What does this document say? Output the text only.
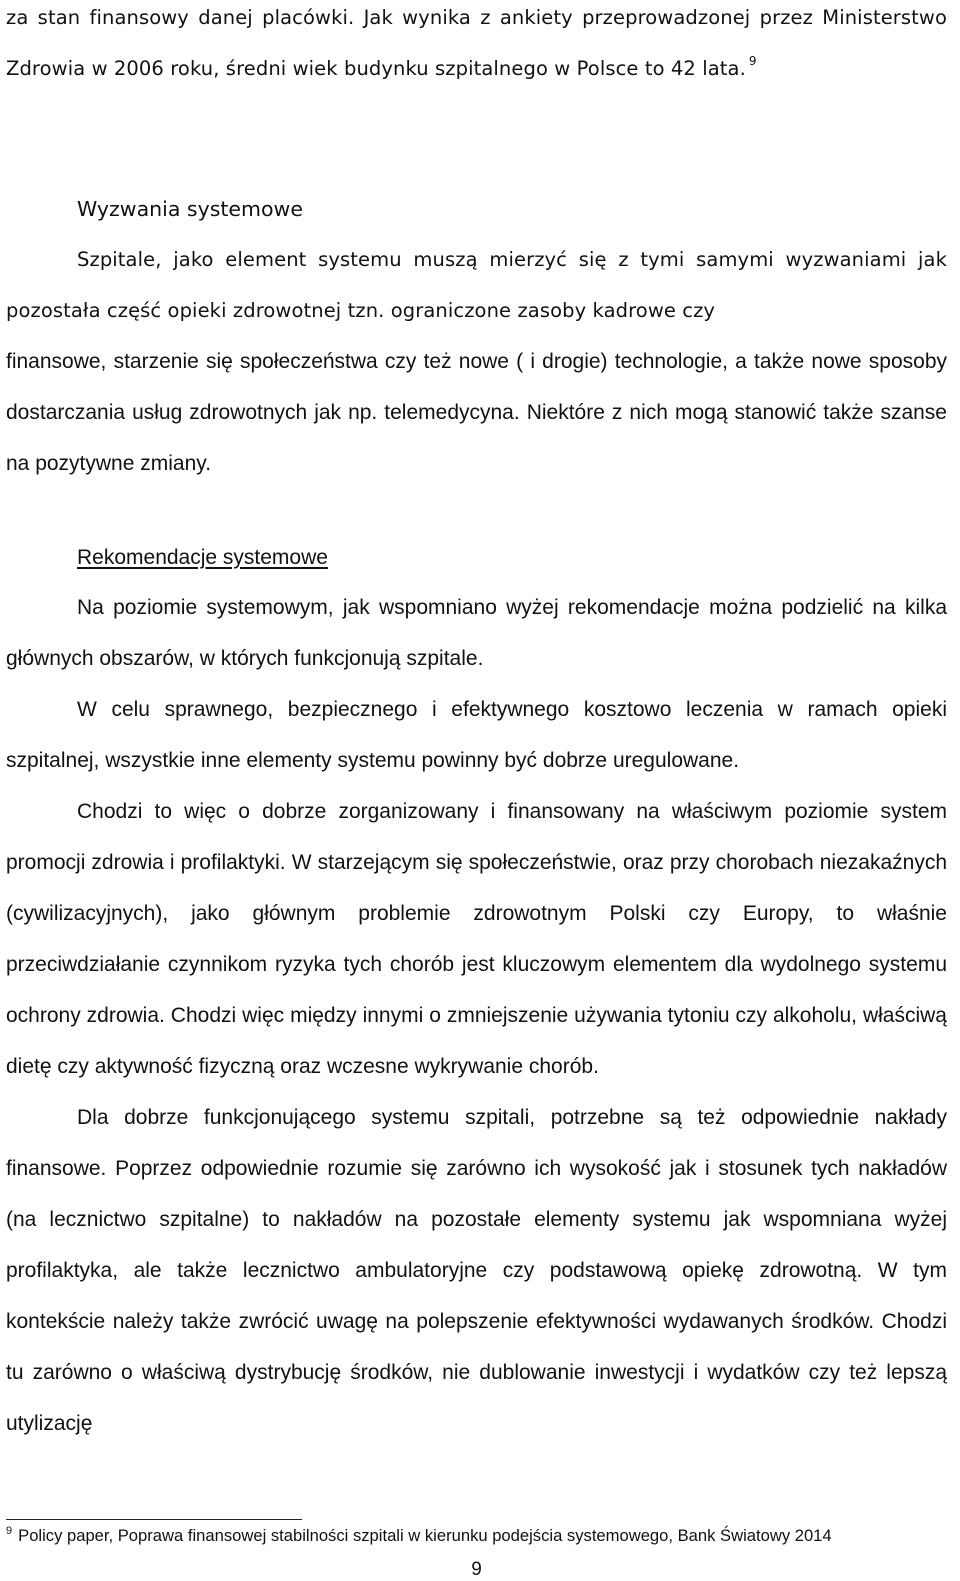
za stan finansowy danej placówki. Jak wynika z ankiety przeprowadzonej przez Ministerstwo Zdrowia w 2006 roku, średni wiek budynku szpitalnego w Polsce to 42 lata. $^9$

Wyzwania systemowe

Szpitale, jako element systemu muszą mierzyć się z tymi samymi wyzwaniami jak pozostała część opieki zdrowotnej tzn. ograniczone zasoby kadrowe czy

finansowe, starzenie się społeczeństwa czy też nowe ( i drogie) technologie, a także nowe sposoby dostarczania usług zdrowotnych jak np. telemedycyna. Niektóre z nich mogą stanowić także szanse na pozytywne zmiany.

Rekomendacje systemowe

Na poziomie systemowym, jak wspomniano wyżej rekomendacje można podzielić na kilka głównych obszarów, w których funkcjonują szpitale.

W celu sprawnego, bezpiecznego i efektywnego kosztowo leczenia w ramach opieki szpitalnej, wszystkie inne elementy systemu powinny być dobrze uregulowane.

Chodzi to więc o dobrze zorganizowany i finansowany na właściwym poziomie system promocji zdrowia i profilaktyki. W starzejącym się społeczeństwie, oraz przy chorobach niezakaźnych (cywilizacyjnych), jako głównym problemie zdrowotnym Polski czy Europy, to właśnie przeciwdziałanie czynnikom ryzyka tych chorób jest kluczowym elementem dla wydolnego systemu ochrony zdrowia. Chodzi więc między innymi o zmniejszenie używania tytoniu czy alkoholu, właściwą dietę czy aktywność fizyczną oraz wczesne wykrywanie chorób.

Dla dobrze funkcjonującego systemu szpitali, potrzebne są też odpowiednie nakłady finansowe. Poprzez odpowiednie rozumie się zarówno ich wysokość jak i stosunek tych nakładów (na lecznictwo szpitalne) to nakładów na pozostałe elementy systemu jak wspomniana wyżej profilaktyka, ale także lecznictwo ambulatoryjne czy podstawową opiekę zdrowotną. W tym kontekście należy także zwrócić uwagę na polepszenie efektywności wydawanych środków. Chodzi tu zarówno o właściwą dystrybucję środków, nie dublowanie inwestycji i wydatków czy też lepszą utylizację

$^9$ Policy paper, Poprawa finansowej stabilności szpitali w kierunku podejścia systemowego, Bank Światowy 2014

9
